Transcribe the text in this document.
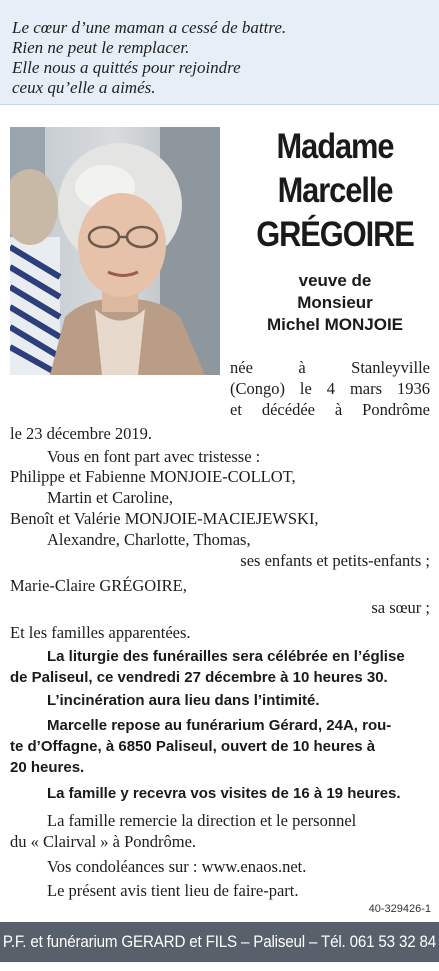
Le cœur d’une maman a cessé de battre.
Rien ne peut le remplacer.
Elle nous a quittés pour rejoindre
ceux qu’elle a aimés.
Madame
Marcelle
GRÉGOIRE
veuve de
Monsieur
Michel MONJOIE
née à Stanleyville
(Congo) le 4 mars 1936
et décédée à Pondrôme
le 23 décembre 2019.
Vous en font part avec tristesse :
Philippe et Fabienne MONJOIE-COLLOT,
Martin et Caroline,
Benoît et Valérie MONJOIE-MACIEJEWSKI,
Alexandre, Charlotte, Thomas,
ses enfants et petits-enfants ;
Marie-Claire GRÉGOIRE,
sa sœur ;
Et les familles apparentées.
La liturgie des funérailles sera célébrée en l’église
de Paliseul, ce vendredi 27 décembre à 10 heures 30.
L’incinération aura lieu dans l’intimité.
Marcelle repose au funérarium Gérard, 24A, rou-
te d’Offagne, à 6850 Paliseul, ouvert de 10 heures à
20 heures.
La famille y recevra vos visites de 16 à 19 heures.
La famille remercie la direction et le personnel
du « Clairval » à Pondrôme.
Vos condoléances sur : www.enaos.net.
Le présent avis tient lieu de faire-part.
40-329426-1
P.F. et funérarium GERARD et FILS – Paliseul – Tél. 061 53 32 84
